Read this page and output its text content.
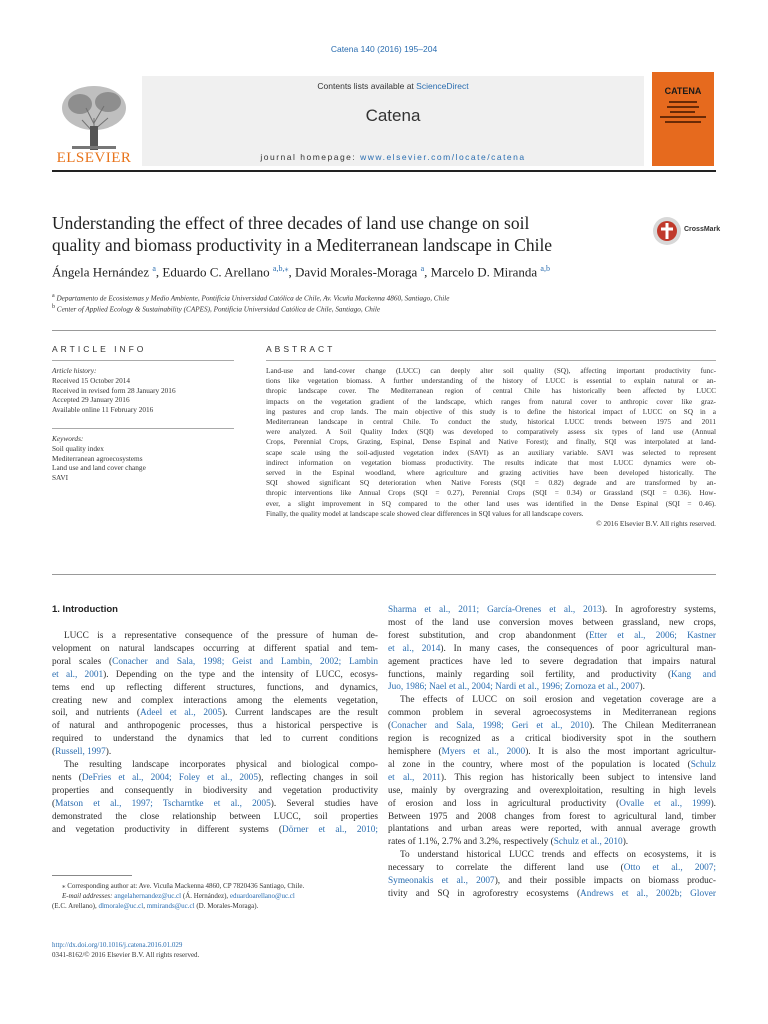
Catena 140 (2016) 195–204
ELSEVIER
Contents lists available at ScienceDirect
Catena
journal homepage: www.elsevier.com/locate/catena
CATENA
Understanding the effect of three decades of land use change on soil
quality and biomass productivity in a Mediterranean landscape in Chile
CrossMark
Ángela Hernández $^a$, Eduardo C. Arellano $^{a,b,⁎}$, David Morales-Moraga $^a$, Marcelo D. Miranda $^{a,b}$
$^a$ Departamento de Ecosistemas y Medio Ambiente, Pontificia Universidad Católica de Chile, Av. Vicuña Mackenna 4860, Santiago, Chile
$^b$ Center of Applied Ecology & Sustainability (CAPES), Pontificia Universidad Católica de Chile, Santiago, Chile
ARTICLE INFO
Article history:
Received 15 October 2014
Received in revised form 28 January 2016
Accepted 29 January 2016
Available online 11 February 2016
Keywords:
Soil quality index
Mediterranean agroecosystems
Land use and land cover change
SAVI
ABSTRACT
Land-use and land-cover change (LUCC) can deeply alter soil quality (SQ), affecting important productivity func-
tions like vegetation biomass. A further understanding of the history of LUCC is essential to explain natural or an-
thropic landscape cover. The Mediterranean region of central Chile has historically been affected by LUCC
impacts on the vegetation gradient of the landscape, which ranges from natural cover to anthropic cover like graz-
ing pastures and crop lands. The main objective of this study is to define the historical impact of LUCC on SQ in a
Mediterranean landscape in central Chile. To conduct the study, historical LUCC trends between 1975 and 2011
were analyzed. A Soil Quality Index (SQI) was developed to comparatively assess six types of land use (Annual
Crops, Perennial Crops, Grazing, Espinal, Dense Espinal and Native Forest); and finally, SQI was interpolated at land-
scape scale using the soil-adjusted vegetation index (SAVI) as an auxiliary variable. SAVI was selected to represent
indirect information on vegetation biomass productivity. The results indicate that most LUCC dynamics were ob-
served in the Espinal woodland, where agriculture and grazing activities have been developed historically. The
SQI showed significant SQ deterioration when Native Forests (SQI = 0.82) degrade and are transformed by an-
thropic interventions like Annual Crops (SQI = 0.27), Perennial Crops (SQI = 0.34) or Grassland (SQI = 0.36). How-
ever, a slight improvement in SQ compared to the other land uses was identified in the Dense Espinal (SQI = 0.46).
Finally, the quality model at landscape scale showed clear differences in SQI values for all landscape covers.
© 2016 Elsevier B.V. All rights reserved.
1. Introduction
LUCC is a representative consequence of the pressure of human de-
velopment on natural landscapes occurring at different spatial and tem-
poral scales (Conacher and Sala, 1998; Geist and Lambin, 2002; Lambin
et al., 2001). Depending on the type and the intensity of LUCC, ecosys-
tems end up reflecting different structures, functions, and dynamics,
creating new and complex interactions among the elements vegetation,
soil, and nutrients (Adeel et al., 2005). Current landscapes are the result
of natural and anthropogenic processes, thus a historical perspective is
required to understand the dynamics that led to current conditions
(Russell, 1997).
The resulting landscape incorporates physical and biological compo-
nents (DeFries et al., 2004; Foley et al., 2005), reflecting changes in soil
properties and consequently in biodiversity and vegetation productivity
(Matson et al., 1997; Tscharntke et al., 2005). Several studies have
demonstrated the close relationship between LUCC, soil properties
and vegetation productivity in different systems (Dörner et al., 2010;
Sharma et al., 2011; García-Orenes et al., 2013). In agroforestry systems,
most of the land use conversion moves between grassland, new crops,
forest substitution, and crop abandonment (Etter et al., 2006; Kastner
et al., 2014). In many cases, the consequences of poor agricultural man-
agement practices have led to severe degradation that impairs natural
functions, mainly regarding soil fertility, and productivity (Kang and
Juo, 1986; Nael et al., 2004; Nardi et al., 1996; Zornoza et al., 2007).
The effects of LUCC on soil erosion and vegetation coverage are a
common problem in several agroecosystems in Mediterranean regions
(Conacher and Sala, 1998; Geri et al., 2010). The Chilean Mediterranean
region is recognized as a critical biodiversity spot in the southern
hemisphere (Myers et al., 2000). It is also the most important agricultur-
al zone in the country, where most of the population is located (Schulz
et al., 2011). This region has historically been subject to intensive land
use, mainly by overgrazing and overexploitation, resulting in high levels
of erosion and loss in agricultural productivity (Ovalle et al., 1999).
Between 1975 and 2008 changes from forest to agricultural land, timber
plantations and urban areas were reported, with annual average growth
rates of 1.1%, 2.7% and 3.2%, respectively (Schulz et al., 2010).
To understand historical LUCC trends and effects on ecosystems, it is
necessary to correlate the different land use (Otto et al., 2007;
Symeonakis et al., 2007), and their possible impacts on biomass produc-
tivity and SQ in agroforestry ecosystems (Andrews et al., 2002b; Glover
⁎ Corresponding author at: Ave. Vicuña Mackenna 4860, CP 7820436 Santiago, Chile.
E-mail addresses: angelahernandez@uc.cl (Á. Hernández), eduardoarellano@uc.cl
(E.C. Arellano), dlmorale@uc.cl, mmirands@uc.cl (D. Morales-Moraga).
http://dx.doi.org/10.1016/j.catena.2016.01.029
0341-8162/© 2016 Elsevier B.V. All rights reserved.
